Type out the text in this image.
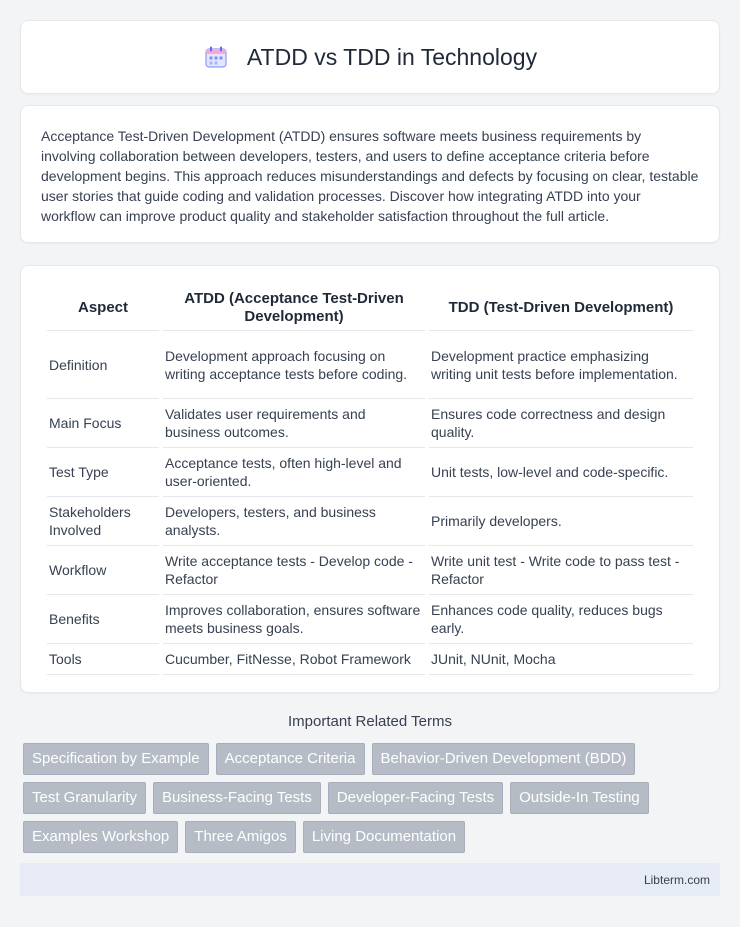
ATDD vs TDD in Technology

Acceptance Test-Driven Development (ATDD) ensures software meets business requirements by involving collaboration between developers, testers, and users to define acceptance criteria before development begins. This approach reduces misunderstandings and defects by focusing on clear, testable user stories that guide coding and validation processes. Discover how integrating ATDD into your workflow can improve product quality and stakeholder satisfaction throughout the full article.

Aspect	ATDD (Acceptance Test-Driven Development)	TDD (Test-Driven Development)
Definition	Development approach focusing on writing acceptance tests before coding.	Development practice emphasizing writing unit tests before implementation.
Main Focus	Validates user requirements and business outcomes.	Ensures code correctness and design quality.
Test Type	Acceptance tests, often high-level and user-oriented.	Unit tests, low-level and code-specific.
Stakeholders Involved	Developers, testers, and business analysts.	Primarily developers.
Workflow	Write acceptance tests - Develop code - Refactor	Write unit test - Write code to pass test - Refactor
Benefits	Improves collaboration, ensures software meets business goals.	Enhances code quality, reduces bugs early.
Tools	Cucumber, FitNesse, Robot Framework	JUnit, NUnit, Mocha
Important Related Terms
Specification by Example	Acceptance Criteria	Behavior-Driven Development (BDD)
Test Granularity	Business-Facing Tests	Developer-Facing Tests	Outside-In Testing
Examples Workshop	Three Amigos	Living Documentation
Libterm.com
